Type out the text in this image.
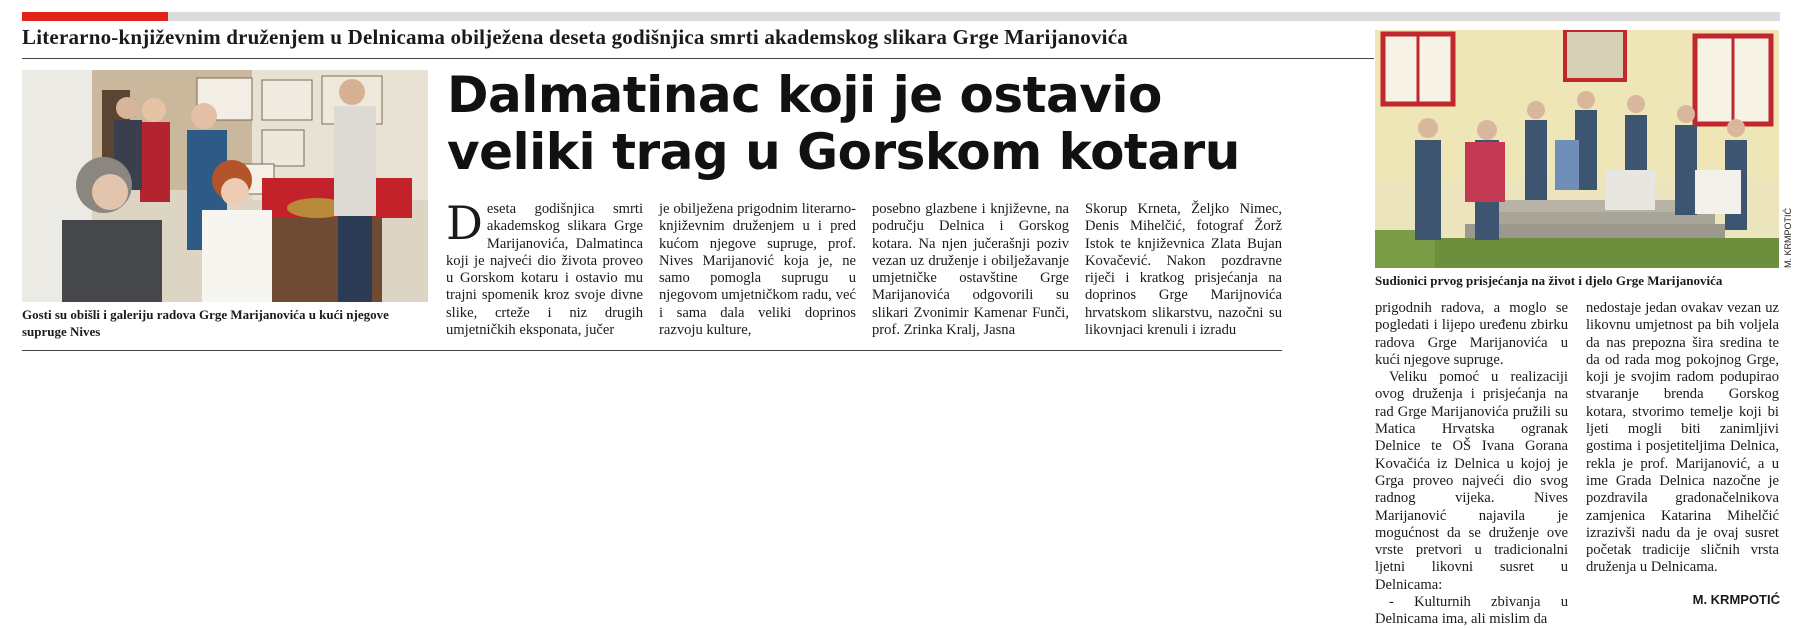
Literarno-književnim druženjem u Delnicama obilježena deseta godišnjica smrti akademskog slikara Grge Marijanovića
Gosti su obišli i galeriju radova Grge Marijanovića u kući njegove supruge Nives
Dalmatinac koji je ostavio
veliki trag u Gorskom kotaru

Deseta godišnjica smrti akademskog slikara Grge Marijanovića, Dalmatinca koji je najveći dio života proveo u Gorskom kotaru i ostavio mu trajni spomenik kroz svoje divne slike, crteže i niz drugih umjetničkih eksponata, jučer

je obilježena prigodnim literarno-književnim druženjem u i pred kućom njegove supruge, prof. Nives Marijanović koja je, ne samo pomogla suprugu u njegovom umjetničkom radu, već i sama dala veliki doprinos razvoju kulture,

posebno glazbene i književne, na području Delnica i Gorskog kotara. Na njen jučerašnji poziv vezan uz druženje i obilježavanje umjetničke ostavštine Grge Marijanovića odgovorili su slikari Zvonimir Kamenar Funči, prof. Zrinka Kralj, Jasna

Skorup Krneta, Željko Nimec, Denis Mihelčić, fotograf Žorž Istok te književnica Zlata Bujan Kovačević. Nakon pozdravne riječi i kratkog prisjećanja na doprinos Grge Marijnovića hrvatskom slikarstvu, nazočni su likovnjaci krenuli i izradu

M. KRMPOTIĆ
Sudionici prvog prisjećanja na život i djelo Grge Marijanovića

prigodnih radova, a moglo se pogledati i lijepo uređenu zbirku radova Grge Marijanovića u kući njegove supruge.

Veliku pomoć u realizaciji ovog druženja i prisjećanja na rad Grge Marijanovića pružili su Matica Hrvatska ogranak Delnice te OŠ Ivana Gorana Kovačića iz Delnica u kojoj je Grga proveo najveći dio svog radnog vijeka. Nives Marijanović najavila je mogućnost da se druženje ove vrste pretvori u tradicionalni ljetni likovni susret u Delnicama:

- Kulturnih zbivanja u Delnicama ima, ali mislim da

nedostaje jedan ovakav vezan uz likovnu umjetnost pa bih voljela da nas prepozna šira sredina te da od rada mog pokojnog Grge, koji je svojim radom podupirao stvaranje brenda Gorskog kotara, stvorimo temelje koji bi ljeti mogli biti zanimljivi gostima i posjetiteljima Delnica, rekla je prof. Marijanović, a u ime Grada Delnica nazočne je pozdravila gradonačelnikova zamjenica Katarina Mihelčić izrazivši nadu da je ovaj susret početak tradicije sličnih vrsta druženja u Delnicama.

M. KRMPOTIĆ
